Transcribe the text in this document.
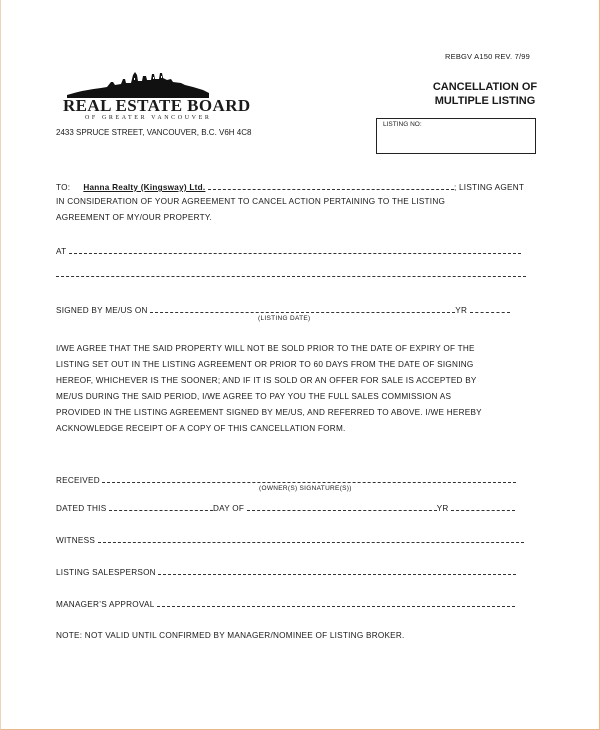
REBGV A150 REV. 7/99
CANCELLATION OF
MULTIPLE LISTING
REAL ESTATE BOARD
OF GREATER VANCOUVER
2433 SPRUCE STREET, VANCOUVER, B.C. V6H 4C8
LISTING NO:
TO: Hanna Realty (Kingsway) Ltd.	; LISTING AGENT
IN CONSIDERATION OF YOUR AGREEMENT TO CANCEL ACTION PERTAINING TO THE LISTING
AGREEMENT OF MY/OUR PROPERTY.
AT
SIGNED BY ME/US ON	YR
(LISTING DATE)

I/WE AGREE THAT THE SAID PROPERTY WILL NOT BE SOLD PRIOR TO THE DATE OF EXPIRY OF THE

LISTING SET OUT IN THE LISTING AGREEMENT OR PRIOR TO 60 DAYS FROM THE DATE OF SIGNING

HEREOF, WHICHEVER IS THE SOONER; AND IF IT IS SOLD OR AN OFFER FOR SALE IS ACCEPTED BY

ME/US DURING THE SAID PERIOD, I/WE AGREE TO PAY YOU THE FULL SALES COMMISSION AS

PROVIDED IN THE LISTING AGREEMENT SIGNED BY ME/US, AND REFERRED TO ABOVE. I/WE HEREBY

ACKNOWLEDGE RECEIPT OF A COPY OF THIS CANCELLATION FORM.

RECEIVED
(OWNER(S) SIGNATURE(S))
DATED THIS	DAY OF	YR
WITNESS
LISTING SALESPERSON
MANAGER’S APPROVAL
NOTE: NOT VALID UNTIL CONFIRMED BY MANAGER/NOMINEE OF LISTING BROKER.
